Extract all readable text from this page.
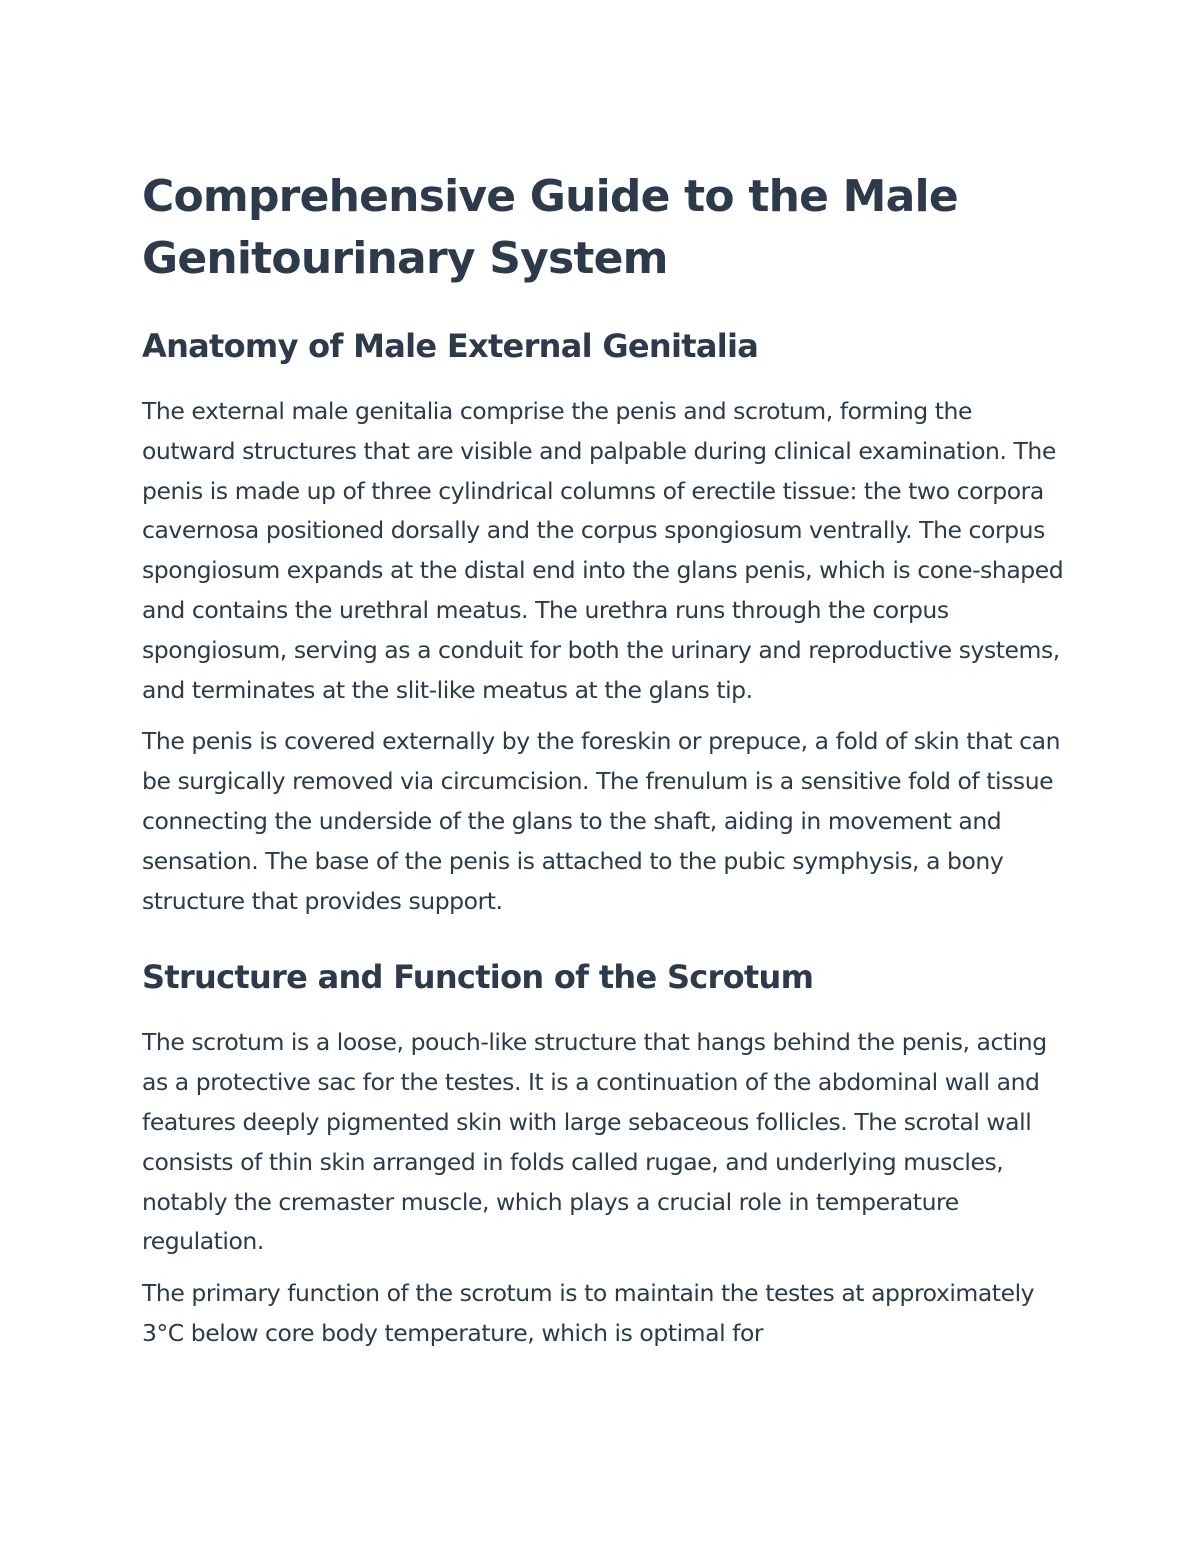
Comprehensive Guide to the Male Genitourinary System
Anatomy of Male External Genitalia

The external male genitalia comprise the penis and scrotum, forming the outward structures that are visible and palpable during clinical examination. The penis is made up of three cylindrical columns of erectile tissue: the two corpora cavernosa positioned dorsally and the corpus spongiosum ventrally. The corpus spongiosum expands at the distal end into the glans penis, which is cone-shaped and contains the urethral meatus. The urethra runs through the corpus spongiosum, serving as a conduit for both the urinary and reproductive systems, and terminates at the slit-like meatus at the glans tip.

The penis is covered externally by the foreskin or prepuce, a fold of skin that can be surgically removed via circumcision. The frenulum is a sensitive fold of tissue connecting the underside of the glans to the shaft, aiding in movement and sensation. The base of the penis is attached to the pubic symphysis, a bony structure that provides support.

Structure and Function of the Scrotum

The scrotum is a loose, pouch-like structure that hangs behind the penis, acting as a protective sac for the testes. It is a continuation of the abdominal wall and features deeply pigmented skin with large sebaceous follicles. The scrotal wall consists of thin skin arranged in folds called rugae, and underlying muscles, notably the cremaster muscle, which plays a crucial role in temperature regulation.

The primary function of the scrotum is to maintain the testes at approximately 3°C below core body temperature, which is optimal for
